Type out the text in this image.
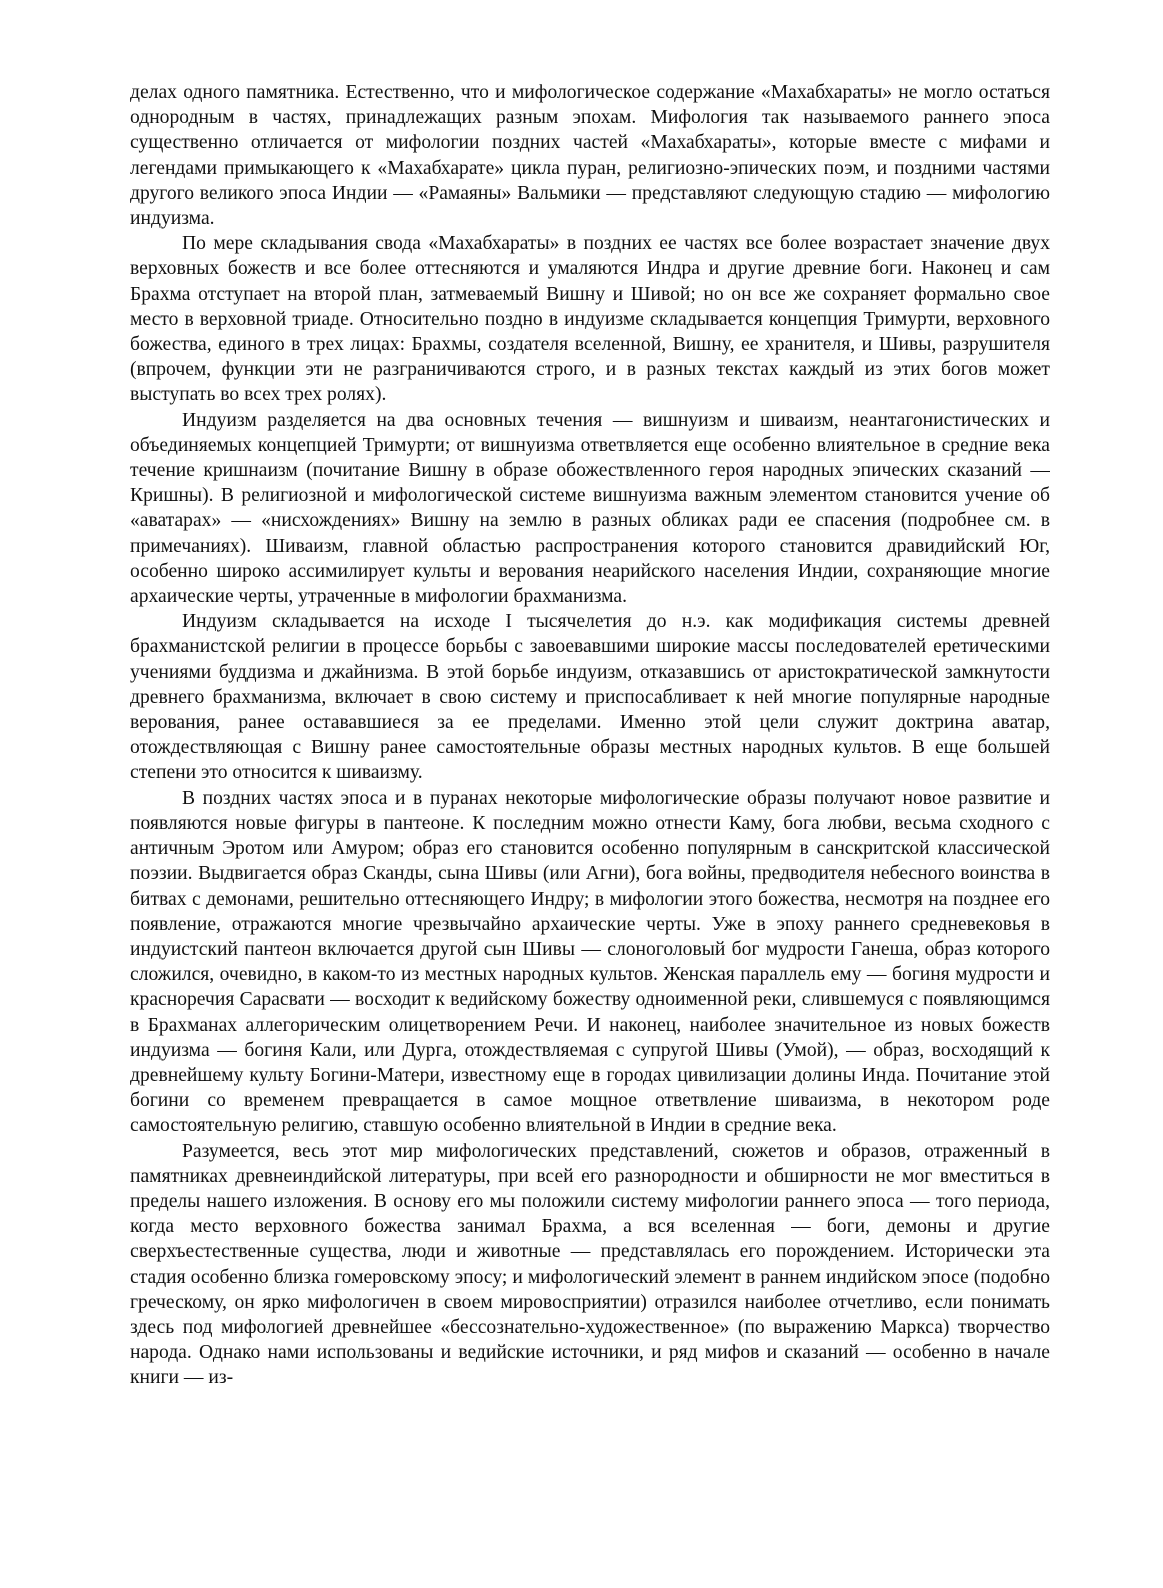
делах одного памятника. Естественно, что и мифологическое содержание «Махабхараты» не могло остаться однородным в частях, принадлежащих разным эпохам. Мифология так называемого раннего эпоса существенно отличается от мифологии поздних частей «Махабхараты», которые вместе с мифами и легендами примыкающего к «Махабхарате» цикла пуран, религиозно-эпических поэм, и поздними частями другого великого эпоса Индии — «Рамаяны» Вальмики — представляют следующую стадию — мифологию индуизма.

По мере складывания свода «Махабхараты» в поздних ее частях все более возрастает значение двух верховных божеств и все более оттесняются и умаляются Индра и другие древние боги. Наконец и сам Брахма отступает на второй план, затмеваемый Вишну и Шивой; но он все же сохраняет формально свое место в верховной триаде. Относительно поздно в индуизме складывается концепция Тримурти, верховного божества, единого в трех лицах: Брахмы, создателя вселенной, Вишну, ее хранителя, и Шивы, разрушителя (впрочем, функции эти не разграничиваются строго, и в разных текстах каждый из этих богов может выступать во всех трех ролях).

Индуизм разделяется на два основных течения — вишнуизм и шиваизм, неантагонистических и объединяемых концепцией Тримурти; от вишнуизма ответвляется еще особенно влиятельное в средние века течение кришнаизм (почитание Вишну в образе обожествленного героя народных эпических сказаний — Кришны). В религиозной и мифологической системе вишнуизма важным элементом становится учение об «аватарах» — «нисхождениях» Вишну на землю в разных обликах ради ее спасения (подробнее см. в примечаниях). Шиваизм, главной областью распространения которого становится дравидийский Юг, особенно широко ассимилирует культы и верования неарийского населения Индии, сохраняющие многие архаические черты, утраченные в мифологии брахманизма.

Индуизм складывается на исходе I тысячелетия до н.э. как модификация системы древней брахманистской религии в процессе борьбы с завоевавшими широкие массы последователей еретическими учениями буддизма и джайнизма. В этой борьбе индуизм, отказавшись от аристократической замкнутости древнего брахманизма, включает в свою систему и приспосабливает к ней многие популярные народные верования, ранее остававшиеся за ее пределами. Именно этой цели служит доктрина аватар, отождествляющая с Вишну ранее самостоятельные образы местных народных культов. В еще большей степени это относится к шиваизму.

В поздних частях эпоса и в пуранах некоторые мифологические образы получают новое развитие и появляются новые фигуры в пантеоне. К последним можно отнести Каму, бога любви, весьма сходного с античным Эротом или Амуром; образ его становится особенно популярным в санскритской классической поэзии. Выдвигается образ Сканды, сына Шивы (или Агни), бога войны, предводителя небесного воинства в битвах с демонами, решительно оттесняющего Индру; в мифологии этого божества, несмотря на позднее его появление, отражаются многие чрезвычайно архаические черты. Уже в эпоху раннего средневековья в индуистский пантеон включается другой сын Шивы — слоноголовый бог мудрости Ганеша, образ которого сложился, очевидно, в каком-то из местных народных культов. Женская параллель ему — богиня мудрости и красноречия Сарасвати — восходит к ведийскому божеству одноименной реки, слившемуся с появляющимся в Брахманах аллегорическим олицетворением Речи. И наконец, наиболее значительное из новых божеств индуизма — богиня Кали, или Дурга, отождествляемая с супругой Шивы (Умой), — образ, восходящий к древнейшему культу Богини-Матери, известному еще в городах цивилизации долины Инда. Почитание этой богини со временем превращается в самое мощное ответвление шиваизма, в некотором роде самостоятельную религию, ставшую особенно влиятельной в Индии в средние века.

Разумеется, весь этот мир мифологических представлений, сюжетов и образов, отраженный в памятниках древнеиндийской литературы, при всей его разнородности и обширности не мог вместиться в пределы нашего изложения. В основу его мы положили систему мифологии раннего эпоса — того периода, когда место верховного божества занимал Брахма, а вся вселенная — боги, демоны и другие сверхъестественные существа, люди и животные — представлялась его порождением. Исторически эта стадия особенно близка гомеровскому эпосу; и мифологический элемент в раннем индийском эпосе (подобно греческому, он ярко мифологичен в своем мировосприятии) отразился наиболее отчетливо, если понимать здесь под мифологией древнейшее «бессознательно-художественное» (по выражению Маркса) творчество народа. Однако нами использованы и ведийские источники, и ряд мифов и сказаний — особенно в начале книги — из-
